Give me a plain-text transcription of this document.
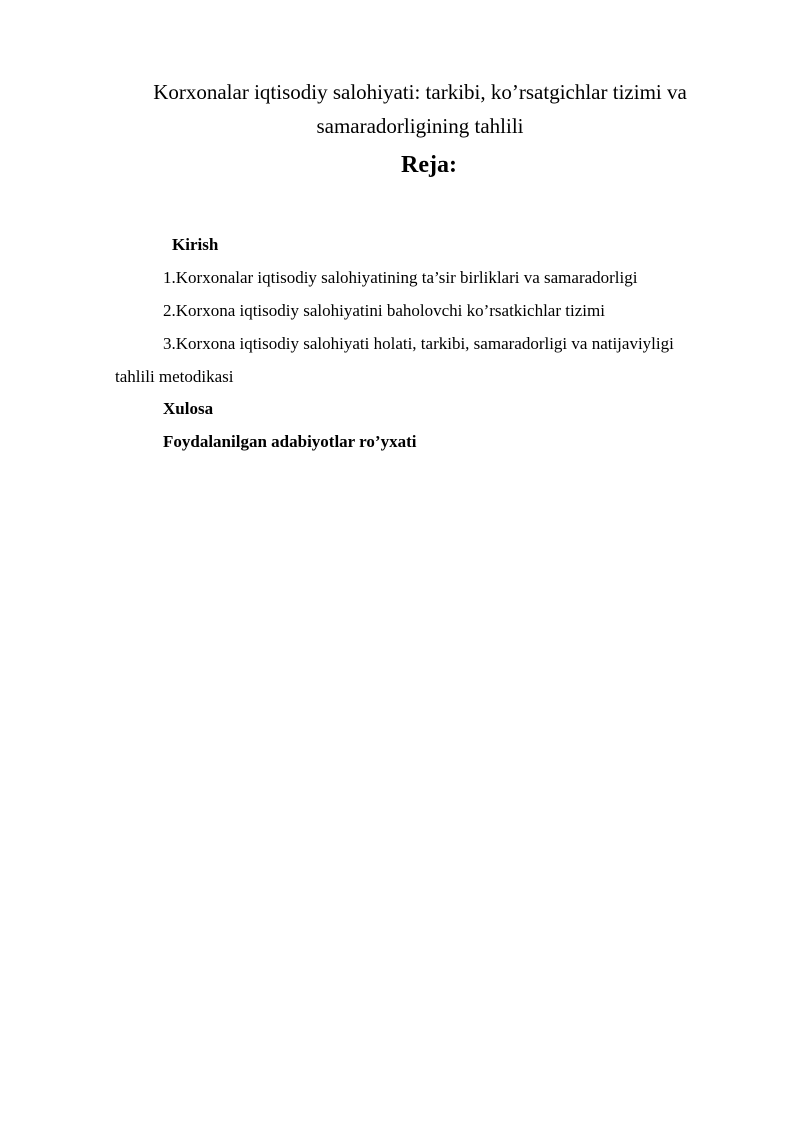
Korxonalar iqtisodiy salohiyati: tarkibi, ko’rsatgichlar tizimi va
samaradorligining tahlili
Reja:
Kirish
1.Korxonalar iqtisodiy salohiyatining ta’sir birliklari va samaradorligi
2.Korxona iqtisodiy salohiyatini baholovchi ko’rsatkichlar tizimi
3.Korxona iqtisodiy salohiyati holati, tarkibi, samaradorligi va natijaviyligi
tahlili metodikasi
Xulosa
Foydalanilgan adabiyotlar ro’yxati
